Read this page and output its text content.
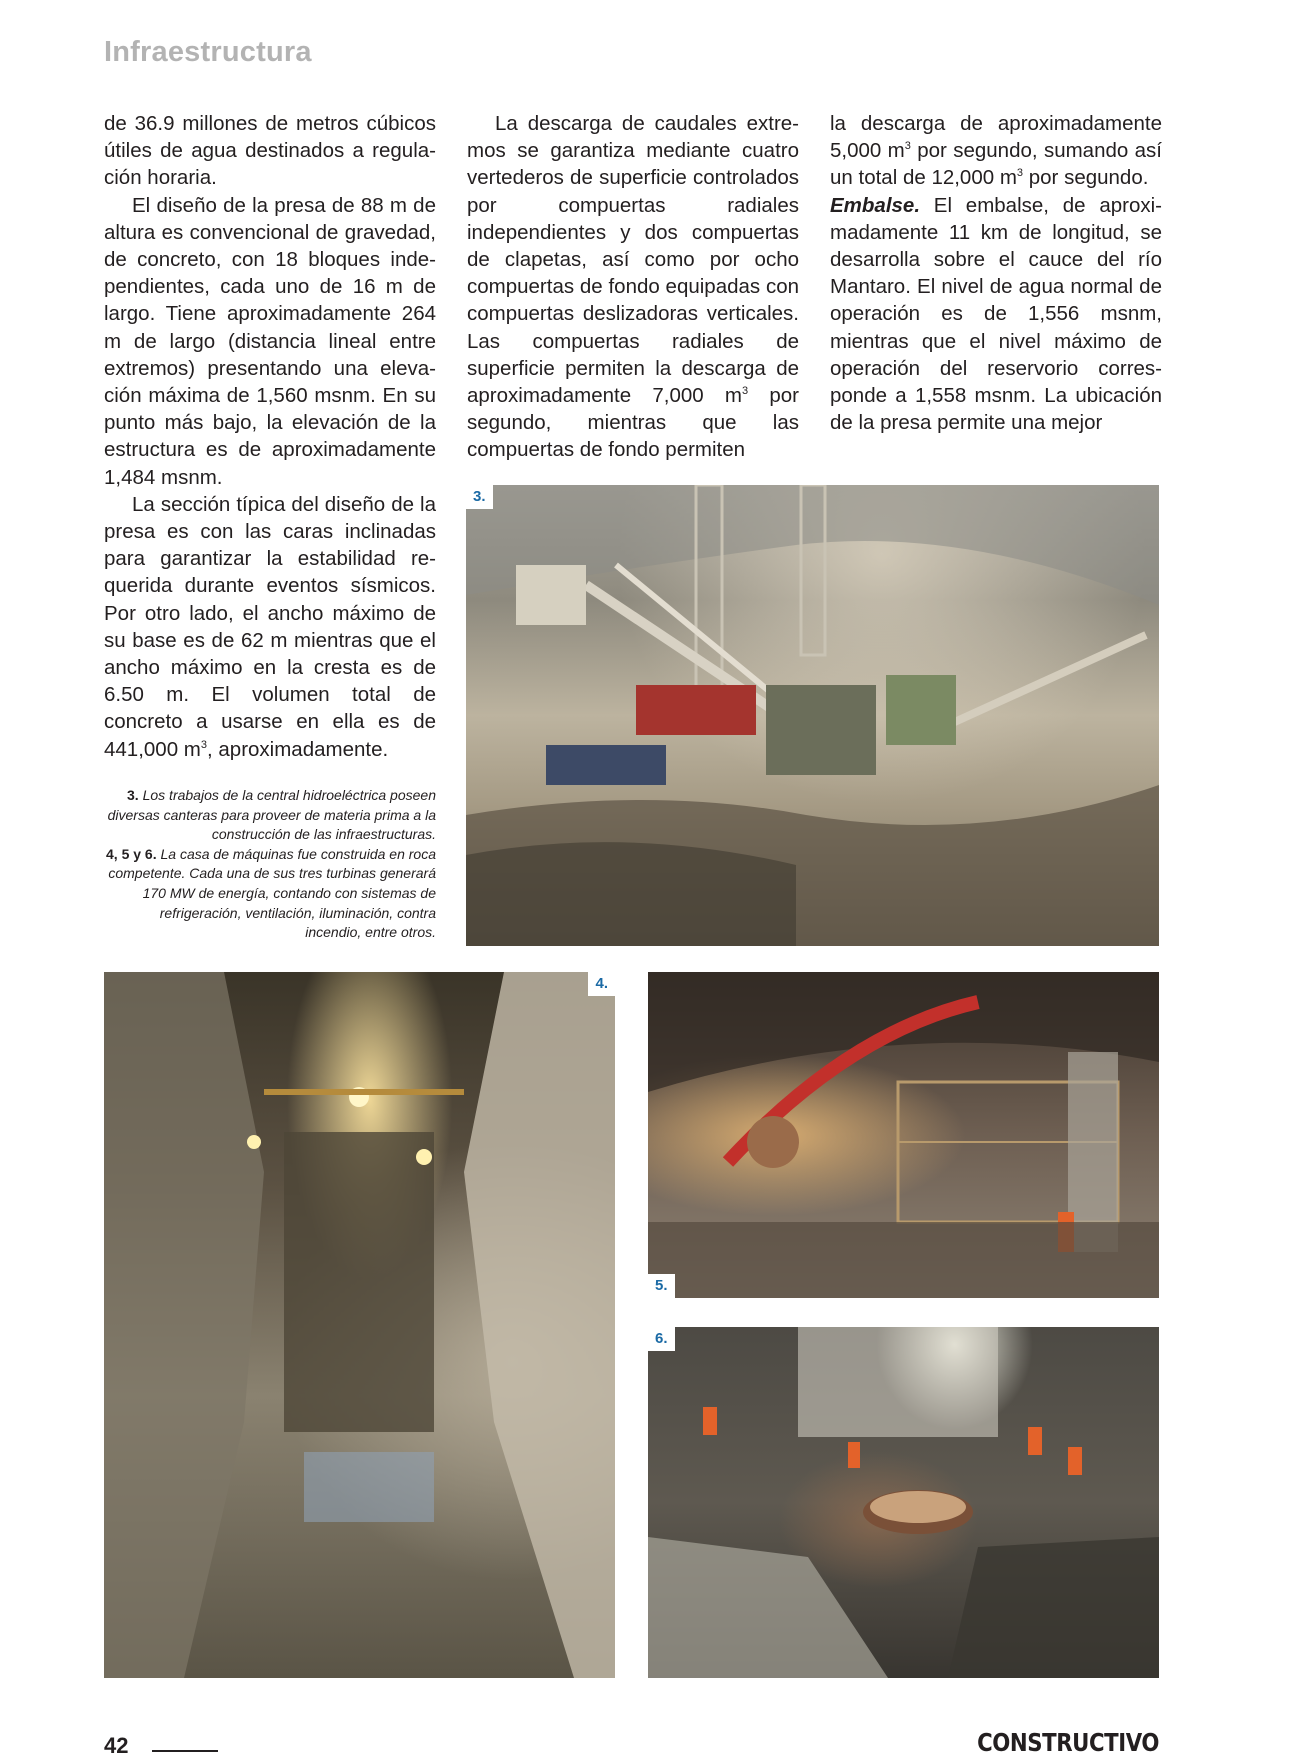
Infraestructura

de 36.9 millones de metros cúbicos útiles de agua destinados a regulación horaria.

El diseño de la presa de 88 m de altura es convencional de gravedad, de concreto, con 18 bloques independientes, cada uno de 16 m de largo. Tiene aproximadamente 264 m de largo (distancia lineal entre extremos) presentando una elevación máxima de 1,560 msnm. En su punto más bajo, la elevación de la estructura es de aproximadamente 1,484 msnm.

La sección típica del diseño de la presa es con las caras inclinadas para garantizar la estabilidad requerida durante eventos sísmicos. Por otro lado, el ancho máximo de su base es de 62 m mientras que el ancho máximo en la cresta es de 6.50 m. El volumen total de concreto a usarse en ella es de 441,000 $m^3$, aproximadamente.

La descarga de caudales extremos se garantiza mediante cuatro vertederos de superficie controlados por compuertas radiales independientes y dos compuertas de clapetas, así como por ocho compuertas de fondo equipadas con compuertas deslizadoras verticales. Las compuertas radiales de superficie permiten la descarga de aproximadamente 7,000 $m^3$ por segundo, mientras que las compuertas de fondo permiten

la descarga de aproximadamente 5,000 $m^3$ por segundo, sumando así un total de 12,000 $m^3$ por segundo.

Embalse. El embalse, de aproximadamente 11 km de longitud, se desarrolla sobre el cauce del río Mantaro. El nivel de agua normal de operación es de 1,556 msnm, mientras que el nivel máximo de operación del reservorio corresponde a 1,558 msnm. La ubicación de la presa permite una mejor

3. Los trabajos de la central hidroeléctrica poseen diversas canteras para proveer de materia prima a la construcción de las infraestructuras.

4, 5 y 6. La casa de máquinas fue construida en roca competente. Cada una de sus tres turbinas generará 170 MW de energía, contando con sistemas de refrigeración, ventilación, iluminación, contra incendio, entre otros.

3.
4.
5.
6.
42	CONSTRUCTIVO
